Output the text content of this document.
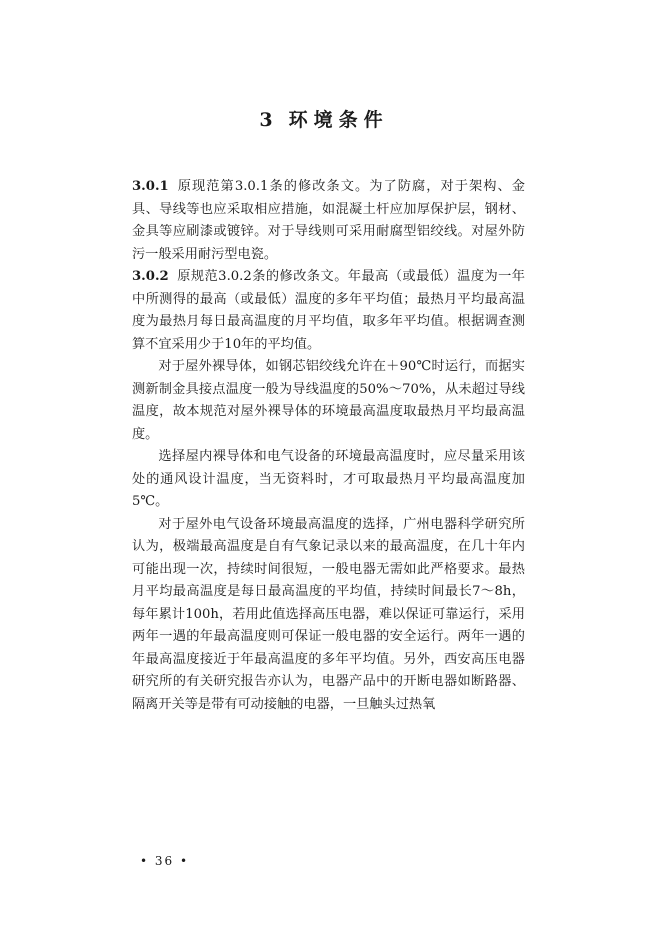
3 环境条件

3.0.1 原现范第3.0.1条的修改条文。为了防腐，对于架构、金具、导线等也应采取相应措施，如混凝土杆应加厚保护层，钢材、金具等应刷漆或镀锌。对于导线则可采用耐腐型铝绞线。对屋外防污一般采用耐污型电瓷。

3.0.2 原规范3.0.2条的修改条文。年最高（或最低）温度为一年中所测得的最高（或最低）温度的多年平均值；最热月平均最高温度为最热月每日最高温度的月平均值，取多年平均值。根据调查测算不宜采用少于10年的平均值。

对于屋外裸导体，如钢芯铝绞线允许在＋90℃时运行，而据实测新制金具接点温度一般为导线温度的50%～70%，从未超过导线温度，故本规范对屋外裸导体的环境最高温度取最热月平均最高温度。

选择屋内裸导体和电气设备的环境最高温度时，应尽量采用该处的通风设计温度，当无资料时，才可取最热月平均最高温度加5℃。

对于屋外电气设备环境最高温度的选择，广州电器科学研究所认为，极端最高温度是自有气象记录以来的最高温度，在几十年内可能出现一次，持续时间很短，一般电器无需如此严格要求。最热月平均最高温度是每日最高温度的平均值，持续时间最长7～8h，每年累计100h，若用此值选择高压电器，难以保证可靠运行，采用两年一遇的年最高温度则可保证一般电器的安全运行。两年一遇的年最高温度接近于年最高温度的多年平均值。另外，西安高压电器研究所的有关研究报告亦认为，电器产品中的开断电器如断路器、隔离开关等是带有可动接触的电器，一旦触头过热氧

• 36 •
